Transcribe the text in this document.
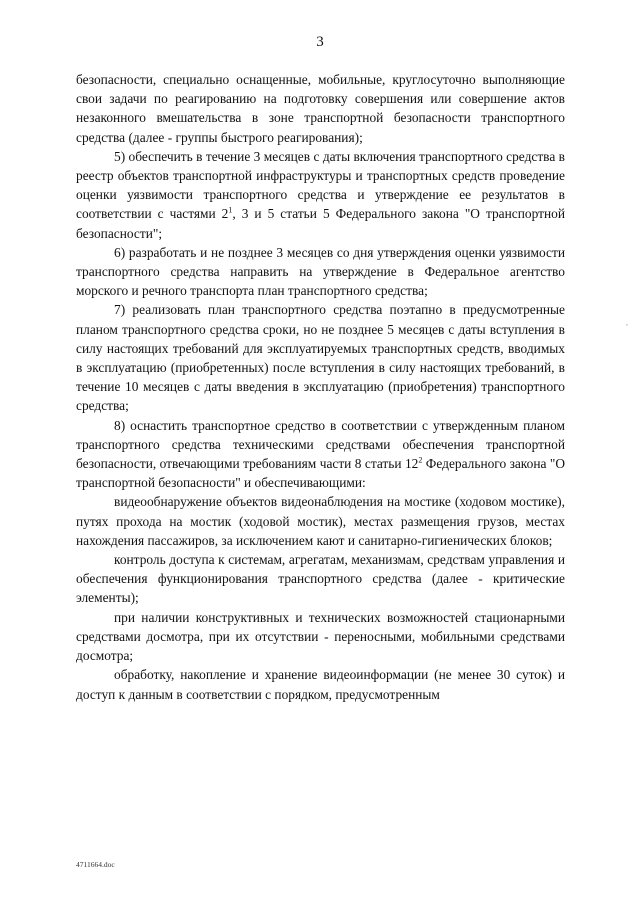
3

безопасности, специально оснащенные, мобильные, круглосуточно выполняющие свои задачи по реагированию на подготовку совершения или совершение актов незаконного вмешательства в зоне транспортной безопасности транспортного средства (далее - группы быстрого реагирования);

5) обеспечить в течение 3 месяцев с даты включения транспортного средства в реестр объектов транспортной инфраструктуры и транспортных средств проведение оценки уязвимости транспортного средства и утверждение ее результатов в соответствии с частями 2$^1$, 3 и 5 статьи 5 Федерального закона "О транспортной безопасности";

6) разработать и не позднее 3 месяцев со дня утверждения оценки уязвимости транспортного средства направить на утверждение в Федеральное агентство морского и речного транспорта план транспортного средства;

7) реализовать план транспортного средства поэтапно в предусмотренные планом транспортного средства сроки, но не позднее 5 месяцев с даты вступления в силу настоящих требований для эксплуатируемых транспортных средств, вводимых в эксплуатацию (приобретенных) после вступления в силу настоящих требований, в течение 10 месяцев с даты введения в эксплуатацию (приобретения) транспортного средства;

8) оснастить транспортное средство в соответствии с утвержденным планом транспортного средства техническими средствами обеспечения транспортной безопасности, отвечающими требованиям части 8 статьи 12$^2$ Федерального закона "О транспортной безопасности" и обеспечивающими:

видеообнаружение объектов видеонаблюдения на мостике (ходовом мостике), путях прохода на мостик (ходовой мостик), местах размещения грузов, местах нахождения пассажиров, за исключением кают и санитарно-гигиенических блоков;

контроль доступа к системам, агрегатам, механизмам, средствам управления и обеспечения функционирования транспортного средства (далее - критические элементы);

при наличии конструктивных и технических возможностей стационарными средствами досмотра, при их отсутствии - переносными, мобильными средствами досмотра;

обработку, накопление и хранение видеоинформации (не менее 30 суток) и доступ к данным в соответствии с порядком, предусмотренным

4711664.doc
,
